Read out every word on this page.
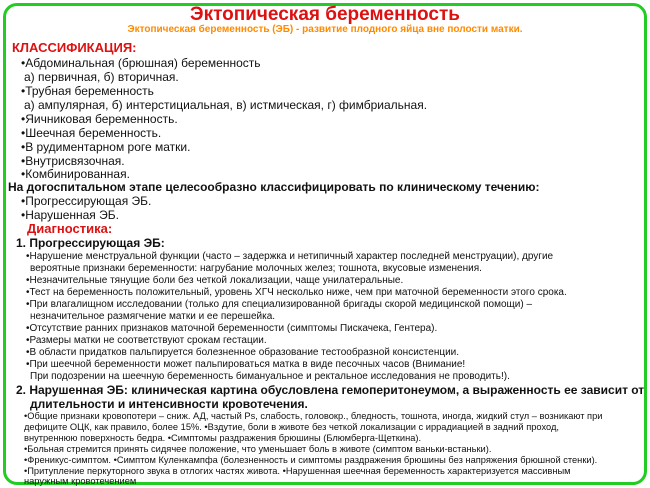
Эктопическая беременность
Эктопическая беременность (ЭБ) - развитие плодного яйца вне полости матки.
КЛАССИФИКАЦИЯ:
•Абдоминальная (брюшная) беременность
а) первичная, б) вторичная.
•Трубная беременность
а) ампулярная, б) интерстициальная, в) истмическая, г) фимбриальная.
•Яичниковая беременность.
•Шеечная беременность.
•В рудиментарном роге матки.
•Внутрисвязочная.
•Комбинированная.
На догоспитальном этапе целесообразно классифицировать по клиническому течению:
•Прогрессирующая ЭБ.
•Нарушенная ЭБ.
Диагностика:
1. Прогрессирующая ЭБ:
•Нарушение менструальной функции (часто – задержка и нетипичный характер последней менструации), другие
вероятные признаки беременности: нагрубание молочных желез; тошнота, вкусовые изменения.
•Незначительные тянущие боли без четкой локализации, чаще унилатеральные.
•Тест на беременность положительный, уровень ХГЧ несколько ниже, чем при маточной беременности этого срока.
•При влагалищном исследовании (только для специализированной бригады скорой медицинской помощи) –
незначительное размягчение матки и ее перешейка.
•Отсутствие ранних признаков маточной беременности (симптомы Пискачека, Гентера).
•Размеры матки не соответствуют срокам гестации.
•В области придатков пальпируется болезненное образование тестообразной консистенции.
•При шеечной беременности может пальпироваться матка в виде песочных часов (Внимание!
При подозрении на шеечную беременность бимануальное и ректальное исследования не проводить!).
2. Нарушенная ЭБ: клиническая картина обусловлена гемоперитонеумом, а выраженность ее зависит от
длительности и интенсивности кровотечения.
•Общие признаки кровопотери – сниж. АД, частый Ps, слабость, головокр., бледность, тошнота, иногда, жидкий стул – возникают при
дефиците ОЦК, как правило, более 15%. •Вздутие, боли в животе без четкой локализации с иррадиацией в задний проход,
внутреннюю поверхность бедра. •Симптомы раздражения брюшины (Блюмберга-Щеткина).
•Больная стремится принять сидячее положение, что уменьшает боль в животе (симптом ваньки-встаньки).
•Френикус-симптом. •Симптом Куленкампфа (болезненность и симптомы раздражения брюшины без напряжения брюшной стенки).
•Притупление перкуторного звука в отлогих частях живота. •Нарушенная шеечная беременность характеризуется массивным
наружным кровотечением
